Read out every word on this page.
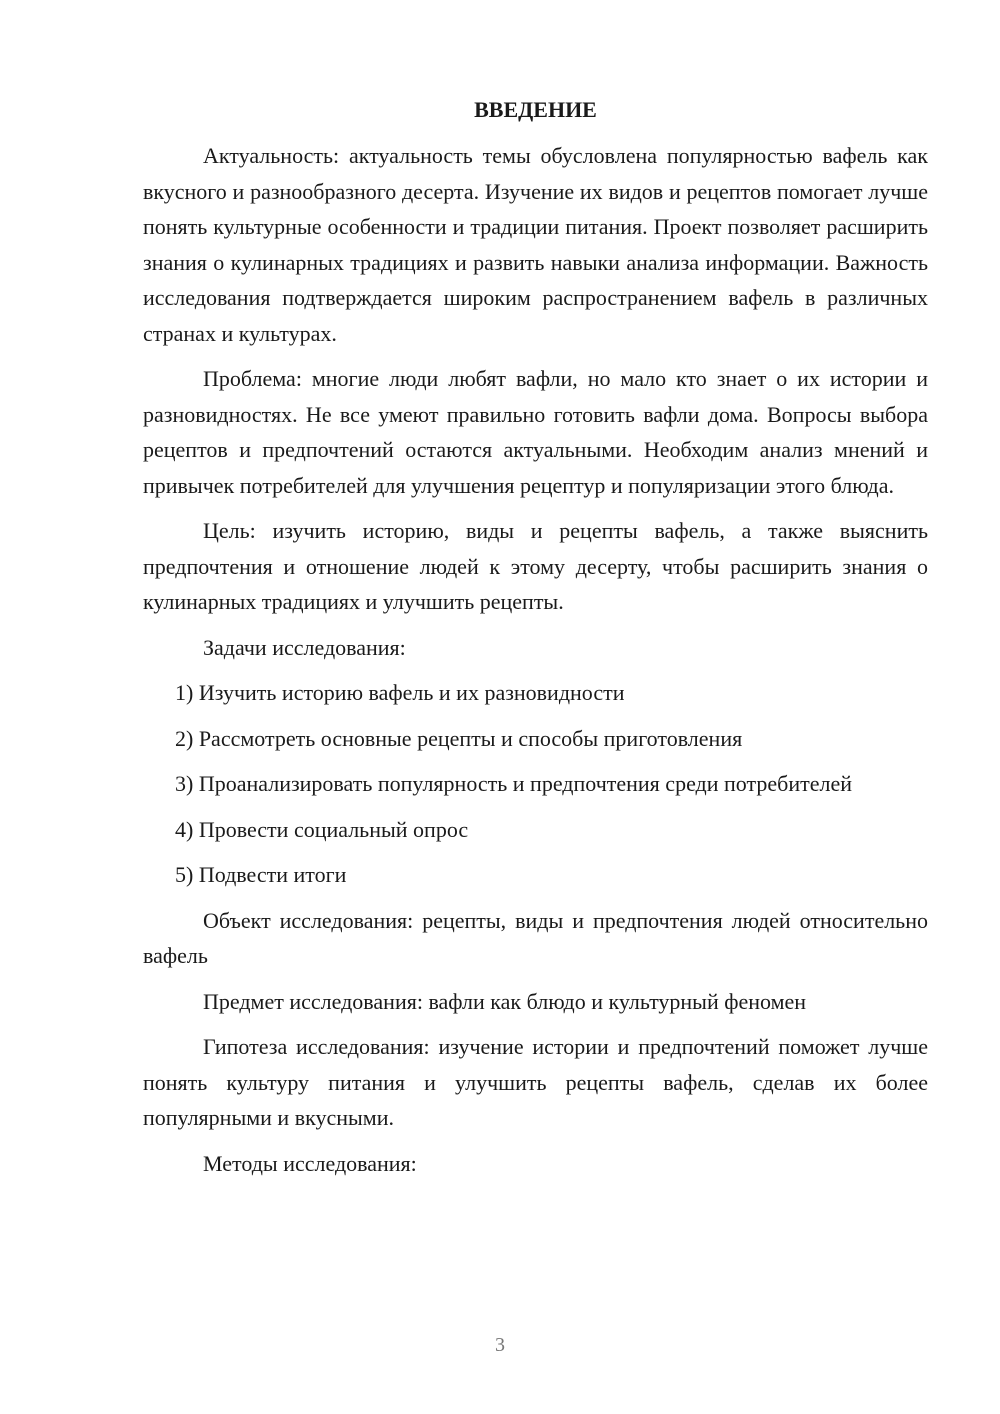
ВВЕДЕНИЕ

Актуальность: актуальность темы обусловлена популярностью вафель как вкусного и разнообразного десерта. Изучение их видов и рецептов помогает лучше понять культурные особенности и традиции питания. Проект позволяет расширить знания о кулинарных традициях и развить навыки анализа информации. Важность исследования подтверждается широким распространением вафель в различных странах и культурах.

Проблема: многие люди любят вафли, но мало кто знает о их истории и разновидностях. Не все умеют правильно готовить вафли дома. Вопросы выбора рецептов и предпочтений остаются актуальными. Необходим анализ мнений и привычек потребителей для улучшения рецептур и популяризации этого блюда.

Цель: изучить историю, виды и рецепты вафель, а также выяснить предпочтения и отношение людей к этому десерту, чтобы расширить знания о кулинарных традициях и улучшить рецепты.

Задачи исследования:

1) Изучить историю вафель и их разновидности

2) Рассмотреть основные рецепты и способы приготовления

3) Проанализировать популярность и предпочтения среди потребителей

4) Провести социальный опрос

5) Подвести итоги

Объект исследования: рецепты, виды и предпочтения людей относительно вафель

Предмет исследования: вафли как блюдо и культурный феномен

Гипотеза исследования: изучение истории и предпочтений поможет лучше понять культуру питания и улучшить рецепты вафель, сделав их более популярными и вкусными.

Методы исследования:

3
